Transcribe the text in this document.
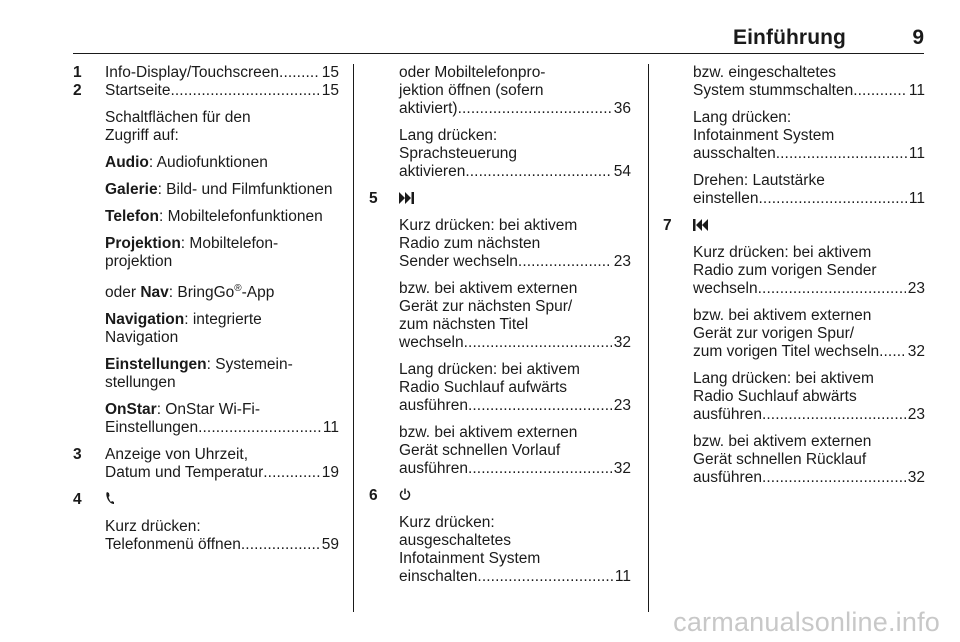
Einführung	9
1 Info-Display/Touchscreen . . .	15
2 Startseite . . .	15
Schaltflächen für den
Zugriff auf:
Audio: Audiofunktionen
Galerie: Bild- und Filmfunktionen
Telefon: Mobiltelefonfunktionen
Projektion: Mobiltelefon-
projektion
oder Nav: BringGo®-App
Navigation: integrierte
Navigation
Einstellungen: Systemein-
stellungen
OnStar: OnStar Wi-Fi-
Einstellungen . . .	11
3 Anzeige von Uhrzeit,
Datum und Temperatur . . .	19
4
Kurz drücken:
Telefonmenü öffnen . . .	59
oder Mobiltelefonpro-
jektion öffnen (sofern
aktiviert) . . .	36
Lang drücken:
Sprachsteuerung
aktivieren . . .	54
5
Kurz drücken: bei aktivem
Radio zum nächsten
Sender wechseln . . .	23
bzw. bei aktivem externen
Gerät zur nächsten Spur/
zum nächsten Titel
wechseln . . .	32
Lang drücken: bei aktivem
Radio Suchlauf aufwärts
ausführen . . .	23
bzw. bei aktivem externen
Gerät schnellen Vorlauf
ausführen . . .	32
6
Kurz drücken:
ausgeschaltetes
Infotainment System
einschalten . . .	11
bzw. eingeschaltetes
System stummschalten . . .	11
Lang drücken:
Infotainment System
ausschalten . . .	11
Drehen: Lautstärke
einstellen . . .	11
7
Kurz drücken: bei aktivem
Radio zum vorigen Sender
wechseln . . .	23
bzw. bei aktivem externen
Gerät zur vorigen Spur/
zum vorigen Titel wechseln . . . 32
Lang drücken: bei aktivem
Radio Suchlauf abwärts
ausführen . . .	23
bzw. bei aktivem externen
Gerät schnellen Rücklauf
ausführen . . .	32
carmanualsonline.info
